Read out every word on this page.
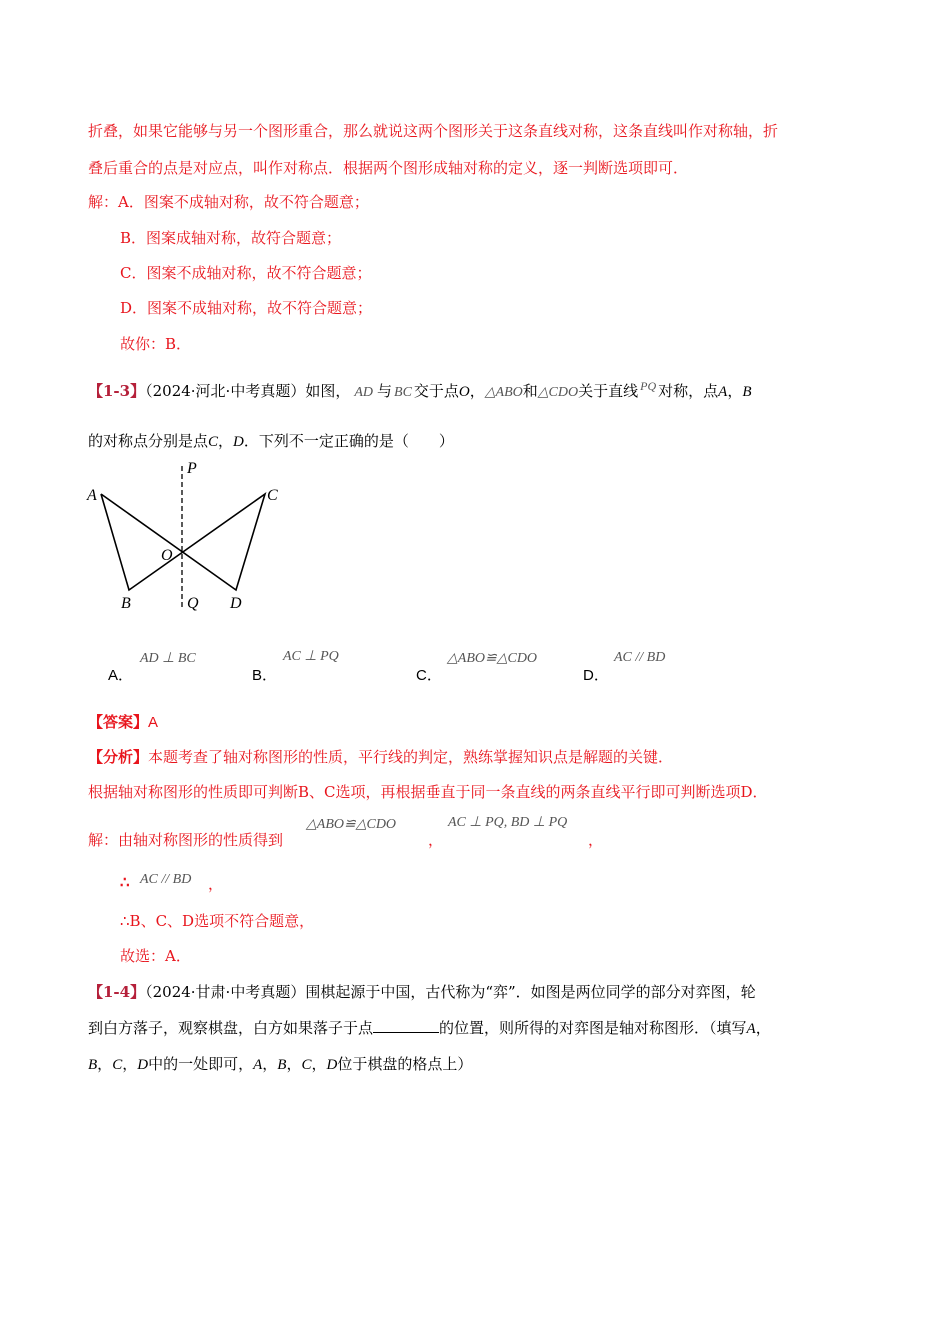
折叠，如果它能够与另一个图形重合，那么就说这两个图形关于这条直线对称，这条直线叫作对称轴，折
叠后重合的点是对应点，叫作对称点．根据两个图形成轴对称的定义，逐一判断选项即可．
解：A．图案不成轴对称，故不符合题意；
B．图案成轴对称，故符合题意；
C．图案不成轴对称，故不符合题意；
D．图案不成轴对称，故不符合题意；
故你：B．
【1-3】（2024·河北·中考真题）如图， AD 与 BC 交于点O，△ABO和△CDO关于直线 $^{PQ}$ 对称，点A，B
的对称点分别是点C，D．下列不一定正确的是（　　）
P
A	C
O
B	Q D
A．
AD ⊥ BC
B．
AC ⊥ PQ
C．
△ABO≌△CDO
D．
AC // BD
【答案】A
【分析】本题考查了轴对称图形的性质，平行线的判定，熟练掌握知识点是解题的关键．
根据轴对称图形的性质即可判断B、C选项，再根据垂直于同一条直线的两条直线平行即可判断选项D．
解：由轴对称图形的性质得到
△ABO≌△CDO
，
AC ⊥ PQ, BD ⊥ PQ
，
∴ AC // BD ，
∴B、C、D选项不符合题意，
故选：A．
【1-4】（2024·甘肃·中考真题）围棋起源于中国，古代称为“弈”．如图是两位同学的部分对弈图，轮
到白方落子，观察棋盘，白方如果落子于点	的位置，则所得的对弈图是轴对称图形．（填写A，
B，C，D中的一处即可，A，B，C，D位于棋盘的格点上）
